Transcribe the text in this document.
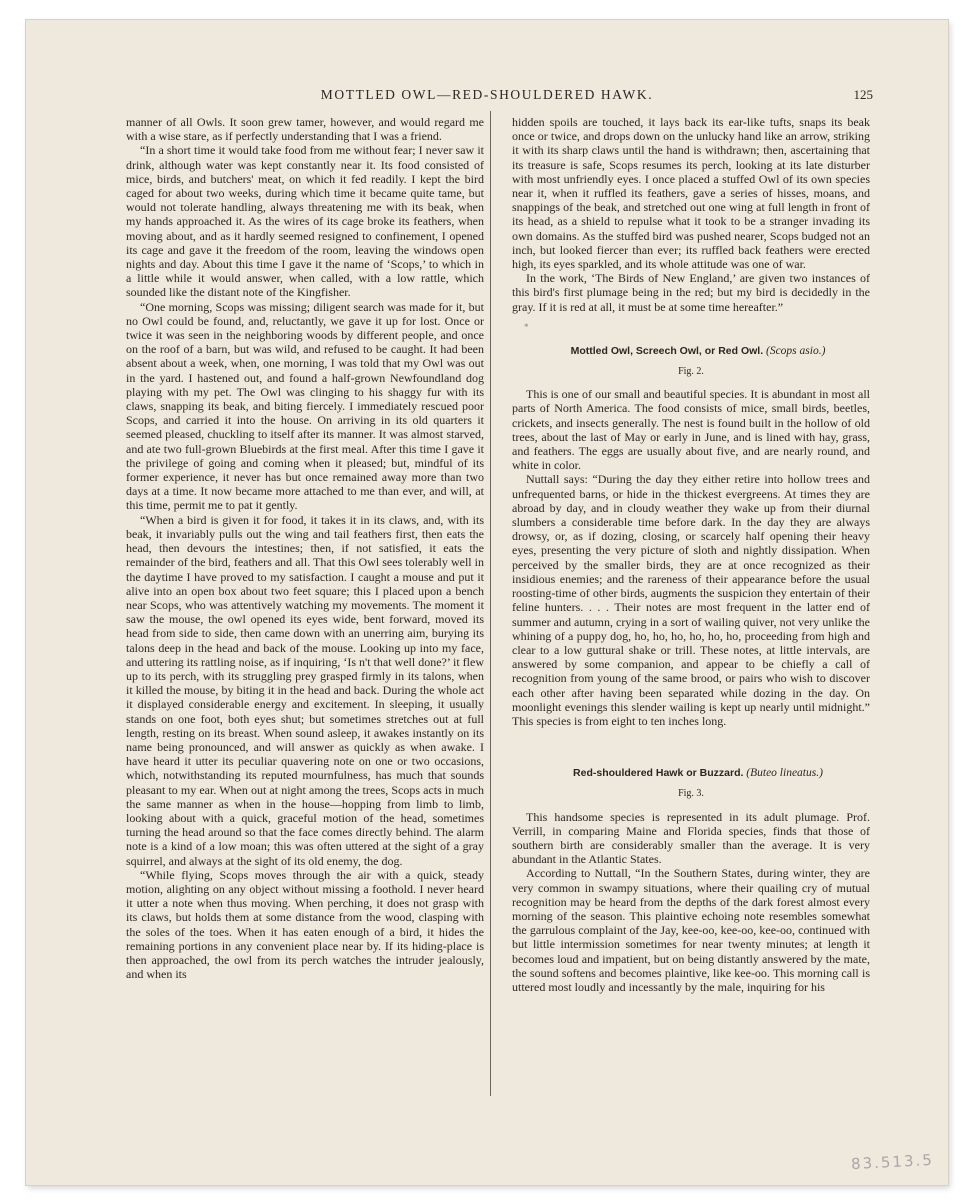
MOTTLED OWL—RED-SHOULDERED HAWK.	125

manner of all Owls. It soon grew tamer, however, and would regard me with a wise stare, as if perfectly understanding that I was a friend.

“In a short time it would take food from me without fear; I never saw it drink, although water was kept constantly near it. Its food consisted of mice, birds, and butchers' meat, on which it fed readily. I kept the bird caged for about two weeks, during which time it became quite tame, but would not tolerate handling, always threatening me with its beak, when my hands approached it. As the wires of its cage broke its feathers, when moving about, and as it hardly seemed resigned to confinement, I opened its cage and gave it the freedom of the room, leaving the windows open nights and day. About this time I gave it the name of ‘Scops,’ to which in a little while it would answer, when called, with a low rattle, which sounded like the distant note of the Kingfisher.

“One morning, Scops was missing; diligent search was made for it, but no Owl could be found, and, reluctantly, we gave it up for lost. Once or twice it was seen in the neighboring woods by different people, and once on the roof of a barn, but was wild, and refused to be caught. It had been absent about a week, when, one morning, I was told that my Owl was out in the yard. I hastened out, and found a half-grown Newfoundland dog playing with my pet. The Owl was clinging to his shaggy fur with its claws, snapping its beak, and biting fiercely. I immediately rescued poor Scops, and carried it into the house. On arriving in its old quarters it seemed pleased, chuckling to itself after its manner. It was almost starved, and ate two full-grown Bluebirds at the first meal. After this time I gave it the privilege of going and coming when it pleased; but, mindful of its former experience, it never has but once remained away more than two days at a time. It now became more attached to me than ever, and will, at this time, permit me to pat it gently.

“When a bird is given it for food, it takes it in its claws, and, with its beak, it invariably pulls out the wing and tail feathers first, then eats the head, then devours the intestines; then, if not satisfied, it eats the remainder of the bird, feathers and all. That this Owl sees tolerably well in the daytime I have proved to my satisfaction. I caught a mouse and put it alive into an open box about two feet square; this I placed upon a bench near Scops, who was attentively watching my movements. The moment it saw the mouse, the owl opened its eyes wide, bent forward, moved its head from side to side, then came down with an unerring aim, burying its talons deep in the head and back of the mouse. Looking up into my face, and uttering its rattling noise, as if inquiring, ‘Is n't that well done?’ it flew up to its perch, with its struggling prey grasped firmly in its talons, when it killed the mouse, by biting it in the head and back. During the whole act it displayed considerable energy and excitement. In sleeping, it usually stands on one foot, both eyes shut; but sometimes stretches out at full length, resting on its breast. When sound asleep, it awakes instantly on its name being pronounced, and will answer as quickly as when awake. I have heard it utter its peculiar quavering note on one or two occasions, which, notwithstanding its reputed mournfulness, has much that sounds pleasant to my ear. When out at night among the trees, Scops acts in much the same manner as when in the house—hopping from limb to limb, looking about with a quick, graceful motion of the head, sometimes turning the head around so that the face comes directly behind. The alarm note is a kind of a low moan; this was often uttered at the sight of a gray squirrel, and always at the sight of its old enemy, the dog.

“While flying, Scops moves through the air with a quick, steady motion, alighting on any object without missing a foothold. I never heard it utter a note when thus moving. When perching, it does not grasp with its claws, but holds them at some distance from the wood, clasping with the soles of the toes. When it has eaten enough of a bird, it hides the remaining portions in any convenient place near by. If its hiding-place is then approached, the owl from its perch watches the intruder jealously, and when its

hidden spoils are touched, it lays back its ear-like tufts, snaps its beak once or twice, and drops down on the unlucky hand like an arrow, striking it with its sharp claws until the hand is withdrawn; then, ascertaining that its treasure is safe, Scops resumes its perch, looking at its late disturber with most unfriendly eyes. I once placed a stuffed Owl of its own species near it, when it ruffled its feathers, gave a series of hisses, moans, and snappings of the beak, and stretched out one wing at full length in front of its head, as a shield to repulse what it took to be a stranger invading its own domains. As the stuffed bird was pushed nearer, Scops budged not an inch, but looked fiercer than ever; its ruffled back feathers were erected high, its eyes sparkled, and its whole attitude was one of war.

In the work, ‘The Birds of New England,’ are given two instances of this bird's first plumage being in the red; but my bird is decidedly in the gray. If it is red at all, it must be at some time hereafter.”

*

Mottled Owl, Screech Owl, or Red Owl. (Scops asio.)

Fig. 2.

This is one of our small and beautiful species. It is abundant in most all parts of North America. The food consists of mice, small birds, beetles, crickets, and insects generally. The nest is found built in the hollow of old trees, about the last of May or early in June, and is lined with hay, grass, and feathers. The eggs are usually about five, and are nearly round, and white in color.

Nuttall says: “During the day they either retire into hollow trees and unfrequented barns, or hide in the thickest evergreens. At times they are abroad by day, and in cloudy weather they wake up from their diurnal slumbers a considerable time before dark. In the day they are always drowsy, or, as if dozing, closing, or scarcely half opening their heavy eyes, presenting the very picture of sloth and nightly dissipation. When perceived by the smaller birds, they are at once recognized as their insidious enemies; and the rareness of their appearance before the usual roosting-time of other birds, augments the suspicion they entertain of their feline hunters. . . . Their notes are most frequent in the latter end of summer and autumn, crying in a sort of wailing quiver, not very unlike the whining of a puppy dog, ho, ho, ho, ho, ho, ho, proceeding from high and clear to a low guttural shake or trill. These notes, at little intervals, are answered by some companion, and appear to be chiefly a call of recognition from young of the same brood, or pairs who wish to discover each other after having been separated while dozing in the day. On moonlight evenings this slender wailing is kept up nearly until midnight.” This species is from eight to ten inches long.

Red-shouldered Hawk or Buzzard. (Buteo lineatus.)

Fig. 3.

This handsome species is represented in its adult plumage. Prof. Verrill, in comparing Maine and Florida species, finds that those of southern birth are considerably smaller than the average. It is very abundant in the Atlantic States.

According to Nuttall, “In the Southern States, during winter, they are very common in swampy situations, where their quailing cry of mutual recognition may be heard from the depths of the dark forest almost every morning of the season. This plaintive echoing note resembles somewhat the garrulous complaint of the Jay, kee-oo, kee-oo, kee-oo, continued with but little intermission sometimes for near twenty minutes; at length it becomes loud and impatient, but on being distantly answered by the mate, the sound softens and becomes plaintive, like kee-oo. This morning call is uttered most loudly and incessantly by the male, inquiring for his

83.513.5
